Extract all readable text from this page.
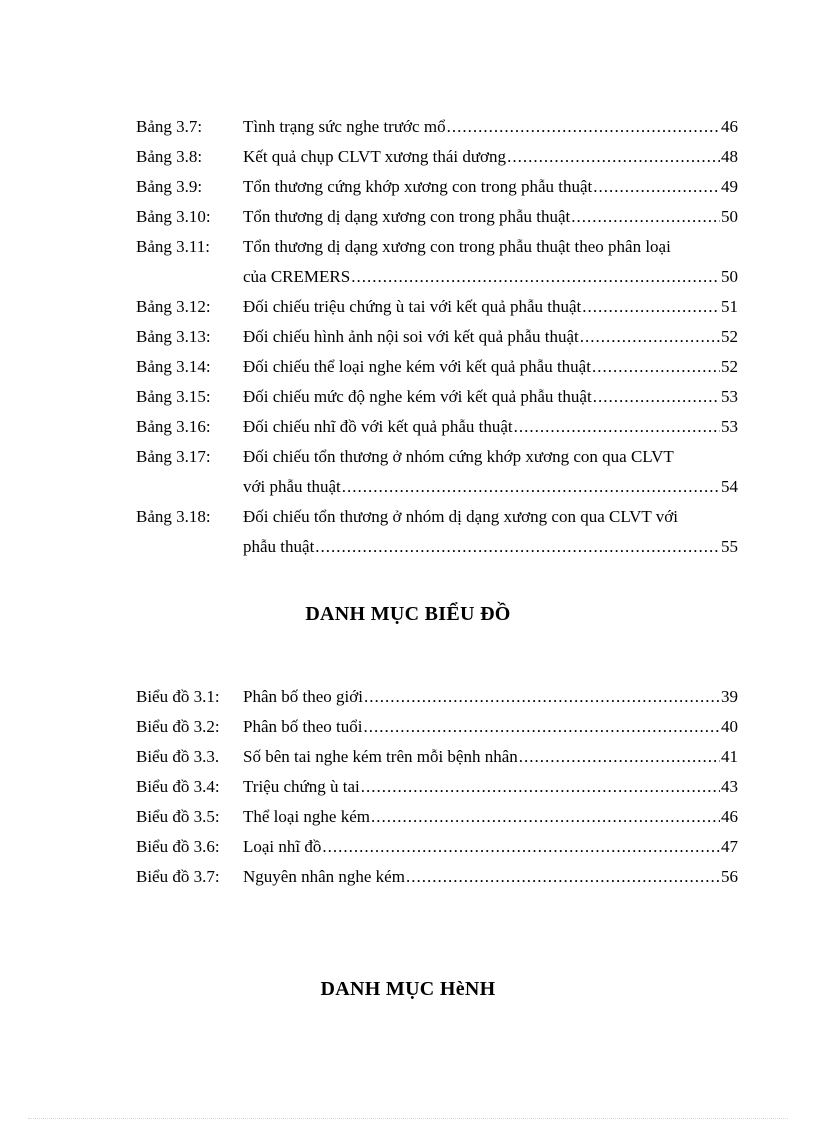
Bảng 3.7: Tình trạng sức nghe trước mổ .....	46
Bảng 3.8: Kết quả chụp CLVT xương thái dương .....	48
Bảng 3.9: Tổn thương cứng khớp xương con trong phẫu thuật .....	49
Bảng 3.10: Tổn thương dị dạng xương con trong phẫu thuật .....	50
Bảng 3.11: Tổn thương dị dạng xương con trong phẫu thuật theo phân loại
của CREMERS .....	50
Bảng 3.12: Đối chiếu triệu chứng ù tai với kết quả phẫu thuật .....	51
Bảng 3.13: Đối chiếu hình ảnh nội soi với kết quả phẫu thuật .....	52
Bảng 3.14: Đối chiếu thể loại nghe kém với kết quả phẫu thuật .....	52
Bảng 3.15: Đối chiếu mức độ nghe kém với kết quả phẫu thuật .....	53
Bảng 3.16: Đối chiếu nhĩ đồ với kết quả phẫu thuật .....	53
Bảng 3.17: Đối chiếu tổn thương ở nhóm cứng khớp xương con qua CLVT
với phẫu thuật .....	54
Bảng 3.18: Đối chiếu tổn thương ở nhóm dị dạng xương con qua CLVT với
phẫu thuật .....	55
DANH MỤC BIỂU ĐỒ
Biểu đồ 3.1: Phân bố theo giới .....	39
Biểu đồ 3.2: Phân bố theo tuổi .....	40
Biểu đồ 3.3. Số bên tai nghe kém trên mỗi bệnh nhân .....	41
Biểu đồ 3.4: Triệu chứng ù tai .....	43
Biểu đồ 3.5: Thể loại nghe kém .....	46
Biểu đồ 3.6: Loại nhĩ đồ .....	47
Biểu đồ 3.7: Nguyên nhân nghe kém .....	56
DANH MỤC HèNH
